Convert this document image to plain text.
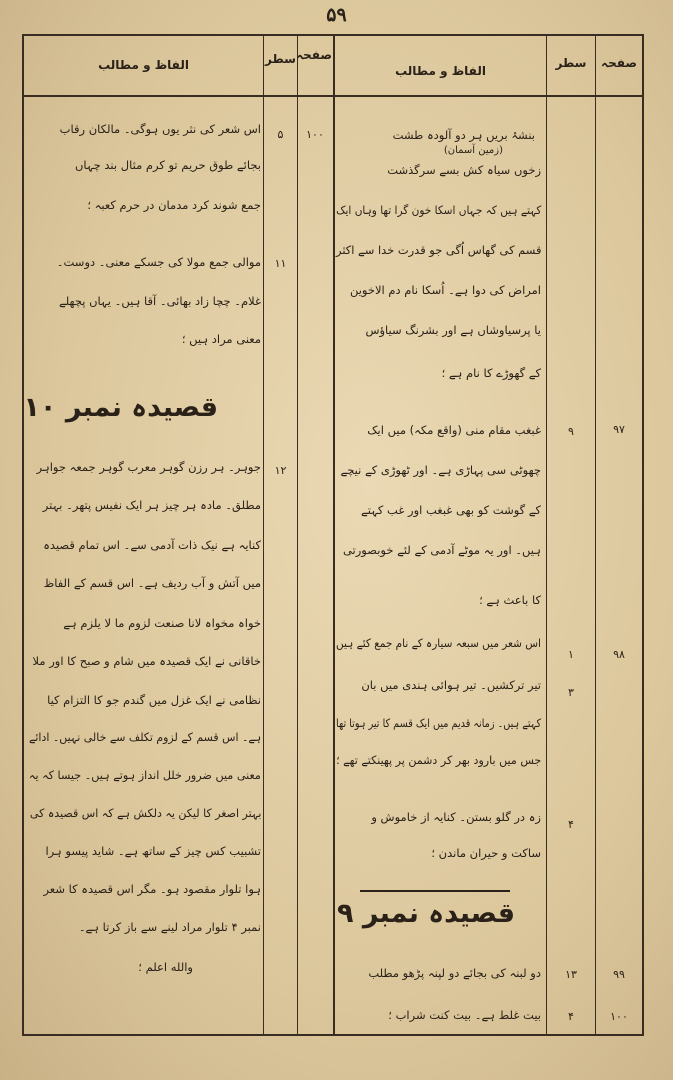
۵۹
صفحہ
سطر
الفاظ و مطالب
صفحہ
سطر
الفاظ و مطالب
۹۷
۹
۹۸
۱
۳
۴
۹۹
۱۳
۱۰۰
۴
بنشۂ بریں ہر دو آلودہ طشت
(زمین آسمان)
زخوں سیاہ کش بسے سرگذشت
کہتے ہیں کہ جہاں اسکا خون گرا تھا وہاں ایک
قسم کی گھاس اُگی جو قدرت خدا سے اکثر
امراض کی دوا ہے۔ اُسکا نام دم الاخوین
یا پرسیاوشاں ہے اور بشرنگ سیاؤس
کے گھوڑے کا نام ہے ؛
غبغب مقام منی (واقع مکہ) میں ایک
چھوٹی سی پہاڑی ہے۔ اور ٹھوڑی کے نیچے
کے گوشت کو بھی غبغب اور غب کہتے
ہیں۔ اور یہ موٹے آدمی کے لئے خوبصورتی
کا باعث ہے ؛
اس شعر میں سبعہ سیارہ کے نام جمع کئے ہیں
تیر ترکشیں۔ تیر ہوائی ہندی میں بان
کہتے ہیں۔ زمانہ قدیم میں ایک قسم کا تیر ہوتا تھا
جس میں بارود بھر کر دشمن پر پھینکتے تھے ؛
زہ در گلو بستن۔ کنایہ از خاموش و
ساکت و حیران ماندن ؛
قصیدہ نمبر ۹
دو لبنہ کی بجائے دو لپنہ پڑھو مطلب
بیت غلط ہے۔ بیت کنت شراب ؛
۱۰۰
۵
۱۱
۱۲
اس شعر کی نثر یوں ہوگی۔ مالکان رقاب
بجائے طوق حریم تو کرم مثال بند چہاں
جمع شوند کرد مدمان در حرم کعبہ ؛
موالی جمع مولا کی جسکے معنی۔ دوست۔
غلام۔ چچا زاد بھائی۔ آقا ہیں۔ یہاں پچھلے
معنی مراد ہیں ؛
قصیدہ نمبر ۱۰
جوہر۔ ہر رزن گوہر معرب گوہر جمعہ جواہر
مطلق۔ مادہ ہر چیز ہر ایک نفیس پتھر۔ بہتر
کنایہ ہے نیک ذات آدمی سے۔ اس تمام قصیدہ
میں آتش و آب ردیف ہے۔ اس قسم کے الفاظ
خواہ مخواہ لانا صنعت لزوم ما لا یلزم ہے
خاقانی نے ایک قصیدہ میں شام و صبح کا اور ملا
نظامی نے ایک غزل میں گندم جو کا التزام کیا
ہے۔ اس قسم کے لزوم تکلف سے خالی نہیں۔ ادائے
معنی میں ضرور خلل انداز ہوتے ہیں۔ جیسا کہ یہ
بہتر اصغر کا لیکن یہ دلکش ہے کہ اس قصیدہ کی
تشبیب کس چیز کے ساتھ ہے۔ شاید پیسو ہرا
ہوا تلوار مقصود ہو۔ مگر اس قصیدہ کا شعر
نمبر ۴ تلوار مراد لینے سے باز کرتا ہے۔
والله اعلم ؛
